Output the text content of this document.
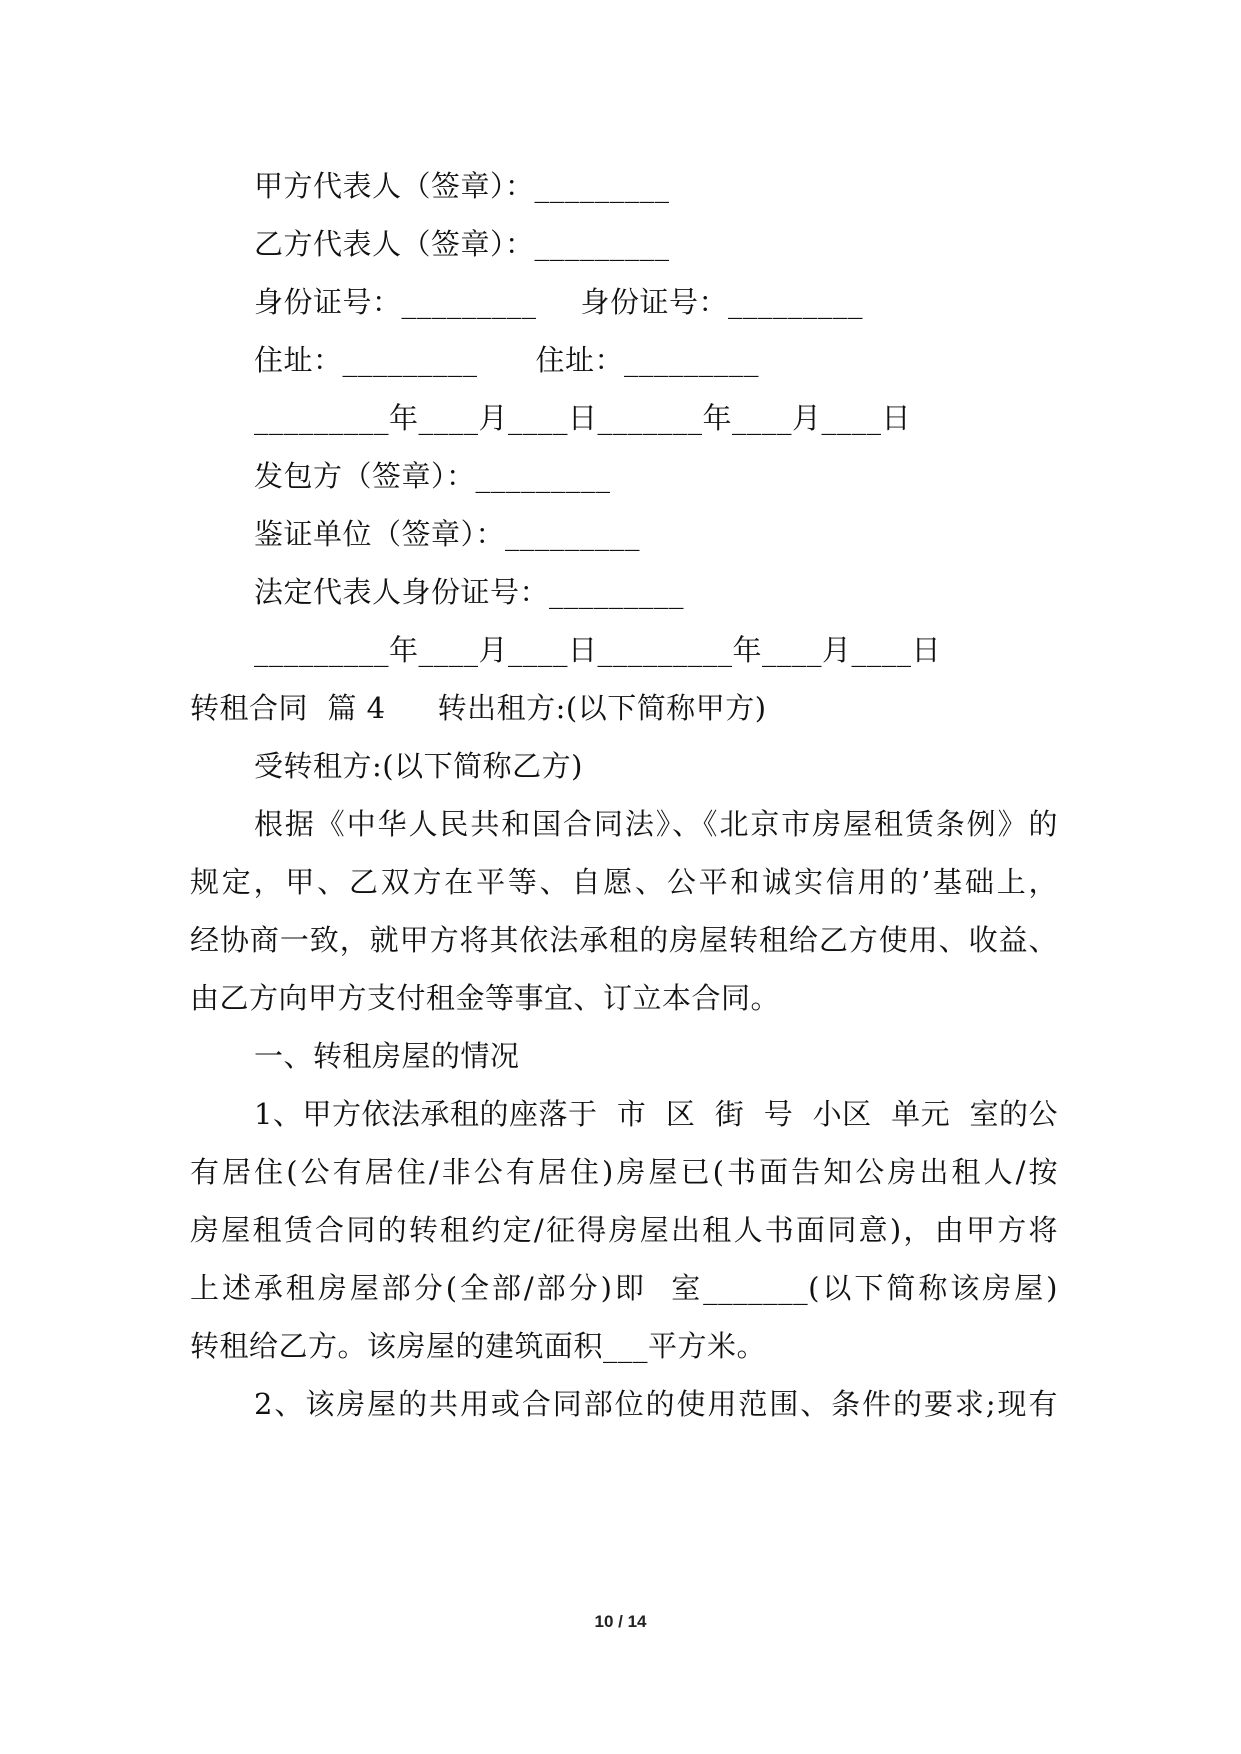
甲方代表人（签章）：_________
乙方代表人（签章）：_________
身份证号：_________ 身份证号：_________
住址：_________ 住址：_________
_________年____月____日_______年____月____日
发包方（签章）：_________
鉴证单位（签章）：_________
法定代表人身份证号：_________
_________年____月____日_________年____月____日
转租合同  篇 4 转出租方:(以下简称甲方)
受转租方:(以下简称乙方)
根据《中华人民共和国合同法》、《北京市房屋租赁条例》的
规定，甲、乙双方在平等、自愿、公平和诚实信用的’基础上，
经协商一致，就甲方将其依法承租的房屋转租给乙方使用、收益、
由乙方向甲方支付租金等事宜、订立本合同。
一、转租房屋的情况
1、甲方依法承租的座落于  市  区  街  号  小区  单元  室的公
有居住(公有居住/非公有居住)房屋已(书面告知公房出租人/按
房屋租赁合同的转租约定/征得房屋出租人书面同意)，由甲方将
上述承租房屋部分(全部/部分)即  室_______(以下简称该房屋)
转租给乙方。该房屋的建筑面积___平方米。
2、该房屋的共用或合同部位的使用范围、条件的要求;现有
10 / 14
